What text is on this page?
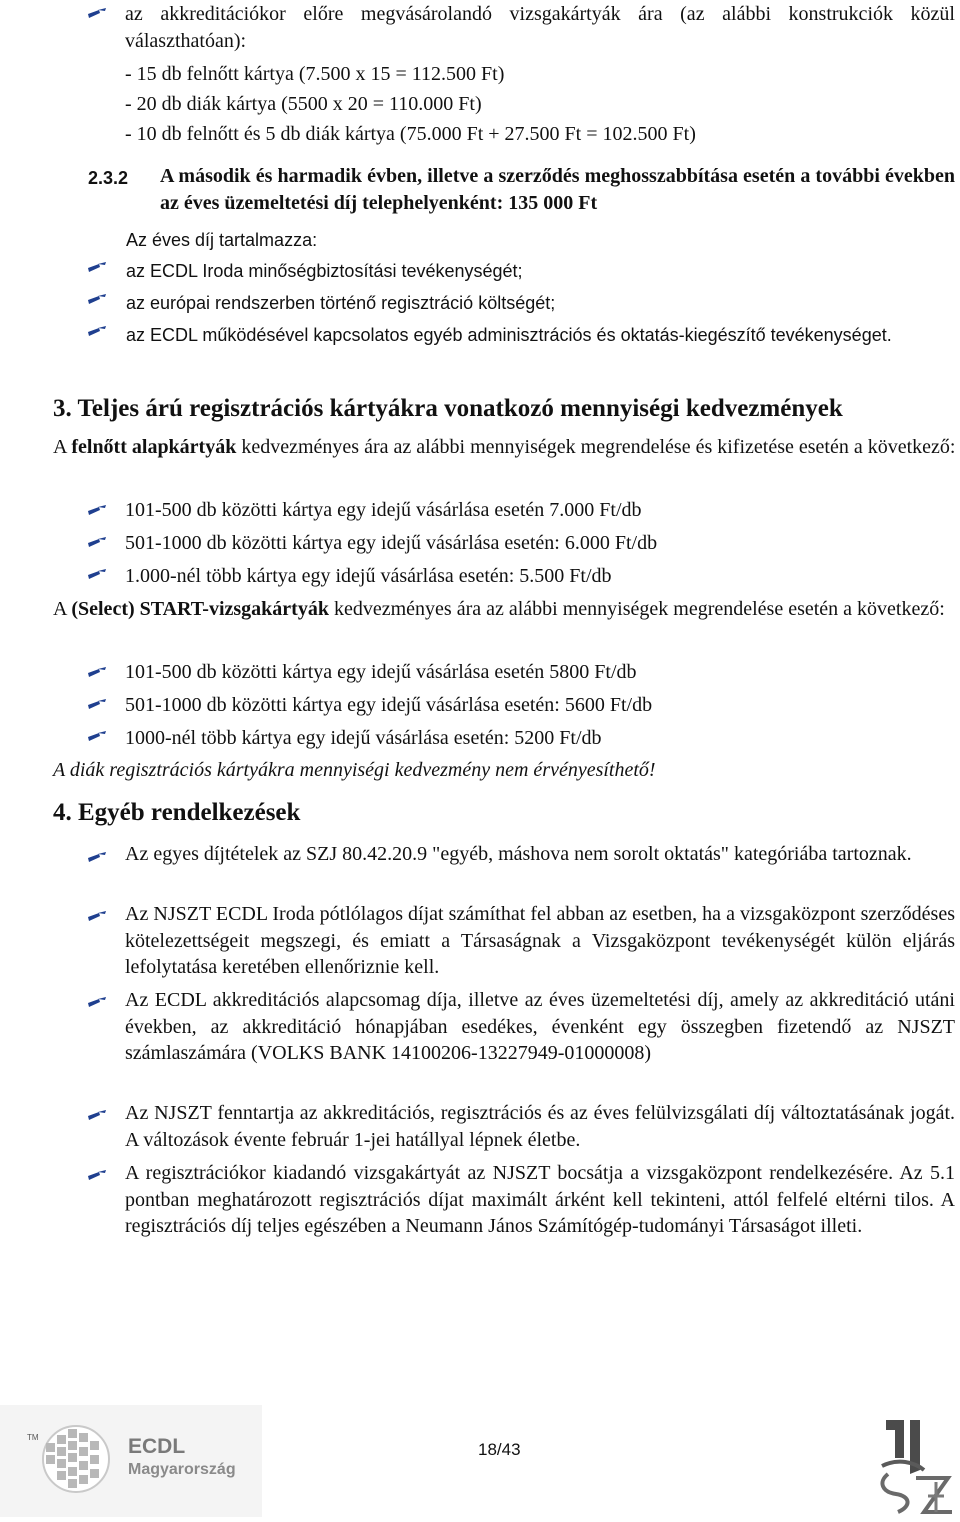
az akkreditációkor előre megvásárolandó vizsgakártyák ára (az alábbi konstrukciók közül választhatóan):
- 15 db felnőtt kártya (7.500 x 15 = 112.500 Ft)
- 20 db diák kártya (5500 x 20 = 110.000 Ft)
- 10 db felnőtt és 5 db diák kártya (75.000 Ft + 27.500 Ft = 102.500 Ft)
2.3.2 A második és harmadik évben, illetve a szerződés meghosszabbítása esetén a további években az éves üzemeltetési díj telephelyenként: 135 000 Ft
Az éves díj tartalmazza:
az ECDL Iroda minőségbiztosítási tevékenységét;
az európai rendszerben történő regisztráció költségét;
az ECDL működésével kapcsolatos egyéb adminisztrációs és oktatás-kiegészítő tevékenységet.
3. Teljes árú regisztrációs kártyákra vonatkozó mennyiségi kedvezmények
A felnőtt alapkártyák kedvezményes ára az alábbi mennyiségek megrendelése és kifizetése esetén a következő:
101-500 db közötti kártya egy idejű vásárlása esetén 7.000 Ft/db
501-1000 db közötti kártya egy idejű vásárlása esetén: 6.000 Ft/db
1.000-nél több kártya egy idejű vásárlása esetén: 5.500 Ft/db
A (Select) START-vizsgakártyák kedvezményes ára az alábbi mennyiségek megrendelése esetén a következő:
101-500 db közötti kártya egy idejű vásárlása esetén 5800 Ft/db
501-1000 db közötti kártya egy idejű vásárlása esetén: 5600 Ft/db
1000-nél több kártya egy idejű vásárlása esetén: 5200 Ft/db
A diák regisztrációs kártyákra mennyiségi kedvezmény nem érvényesíthető!
4. Egyéb rendelkezések
Az egyes díjtételek az SZJ 80.42.20.9 "egyéb, máshova nem sorolt oktatás" kategóriába tartoznak.
Az NJSZT ECDL Iroda pótlólagos díjat számíthat fel abban az esetben, ha a vizsgaközpont szerződéses kötelezettségeit megszegi, és emiatt a Társaságnak a Vizsgaközpont tevékenységét külön eljárás lefolytatása keretében ellenőriznie kell.
Az ECDL akkreditációs alapcsomag díja, illetve az éves üzemeltetési díj, amely az akkreditáció utáni években, az akkreditáció hónapjában esedékes, évenként egy összegben fizetendő az NJSZT számlaszámára (VOLKS BANK 14100206-13227949-01000008)
Az NJSZT fenntartja az akkreditációs, regisztrációs és az éves felülvizsgálati díj változtatásának jogát. A változások évente február 1-jei hatállyal lépnek életbe.
A regisztrációkor kiadandó vizsgakártyát az NJSZT bocsátja a vizsgaközpont rendelkezésére. Az 5.1 pontban meghatározott regisztrációs díjat maximált árként kell tekinteni, attól felfelé eltérni tilos. A regisztrációs díj teljes egészében a Neumann János Számítógép-tudományi Társaságot illeti.
TM	ECDL
Magyarország
18/43
